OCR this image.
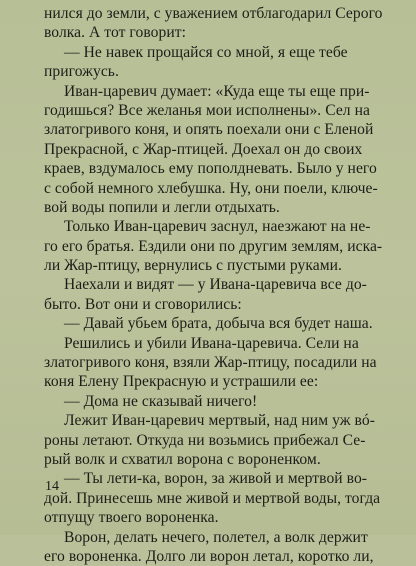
нился до земли, с уважением отблагодарил Серого
волка. А тот говорит:
— Не навек прощайся со мной, я еще тебе
пригожусь.
Иван-царевич думает: «Куда еще ты еще при-
годишься? Все желанья мои исполнены». Сел на
златогривого коня, и опять поехали они с Еленой
Прекрасной, с Жар-птицей. Доехал он до своих
краев, вздумалось ему пополдневать. Было у него
с собой немного хлебушка. Ну, они поели, ключе-
вой воды попили и легли отдыхать.
Только Иван-царевич заснул, наезжают на не-
го его братья. Ездили они по другим землям, иска-
ли Жар-птицу, вернулись с пустыми руками.
Наехали и видят — у Ивана-царевича все до-
быто. Вот они и сговорились:
— Давай убьем брата, добыча вся будет наша.
Решились и убили Ивана-царевича. Сели на
златогривого коня, взяли Жар-птицу, посадили на
коня Елену Прекрасную и устрашили ее:
— Дома не сказывай ничего!
Лежит Иван-царевич мертвый, над ним уж вó-
роны летают. Откуда ни возьмись прибежал Се-
рый волк и схватил ворона с вороненком.
— Ты лети-ка, ворон, за живой и мертвой во-
дой. Принесешь мне живой и мертвой воды, тогда
отпущу твоего вороненка.
Ворон, делать нечего, полетел, а волк держит
его вороненка. Долго ли ворон летал, коротко ли,
14
